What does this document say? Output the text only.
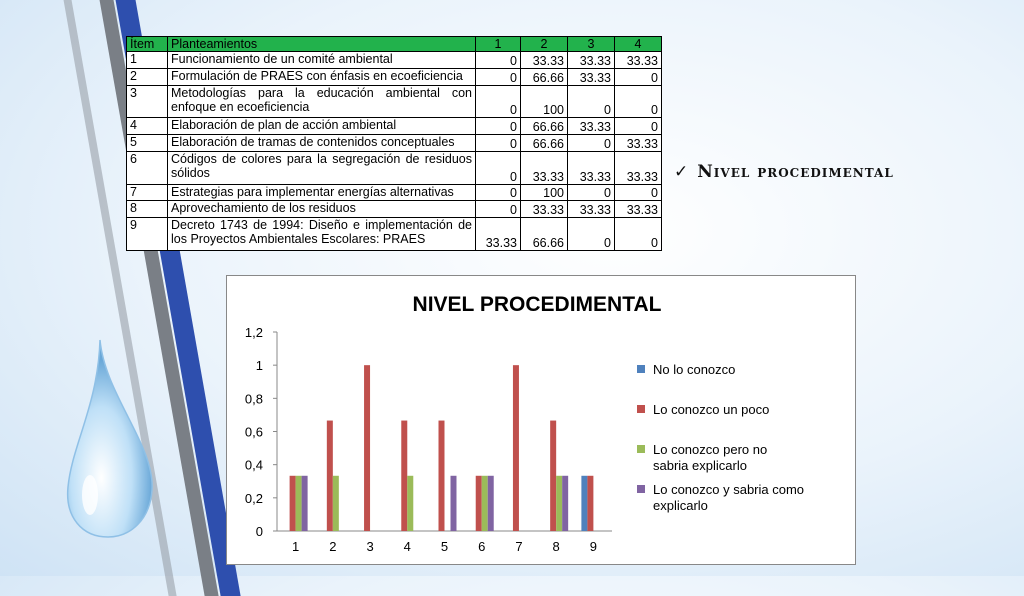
Ítem	Planteamientos	1	2	3	4
1	Funcionamiento de un comité ambiental	0	33.33	33.33	33.33
2	Formulación de PRAES con énfasis en ecoeficiencia	0	66.66	33.33	0
3	Metodologías para la educación ambiental con enfoque en ecoeficiencia	0	100	0	0
4	Elaboración de plan de acción ambiental	0	66.66	33.33	0
5	Elaboración de tramas de contenidos conceptuales	0	66.66	0	33.33
6	Códigos de colores para la segregación de residuos sólidos	0	33.33	33.33	33.33
7	Estrategias para implementar energías alternativas	0	100	0	0
8	Aprovechamiento de los residuos	0	33.33	33.33	33.33
9	Decreto 1743 de 1994: Diseño e implementación de los Proyectos Ambientales Escolares: PRAES	33.33	66.66	0	0
✓ Nivel procedimental
NIVEL PROCEDIMENTAL
0
0,2
0,4
0,6
0,8
1
1,2
1 2 3 4 5 6 7 8 9
No lo conozco
Lo conozco un poco
Lo conozco pero no sabria explicarlo
Lo conozco y sabria como explicarlo
